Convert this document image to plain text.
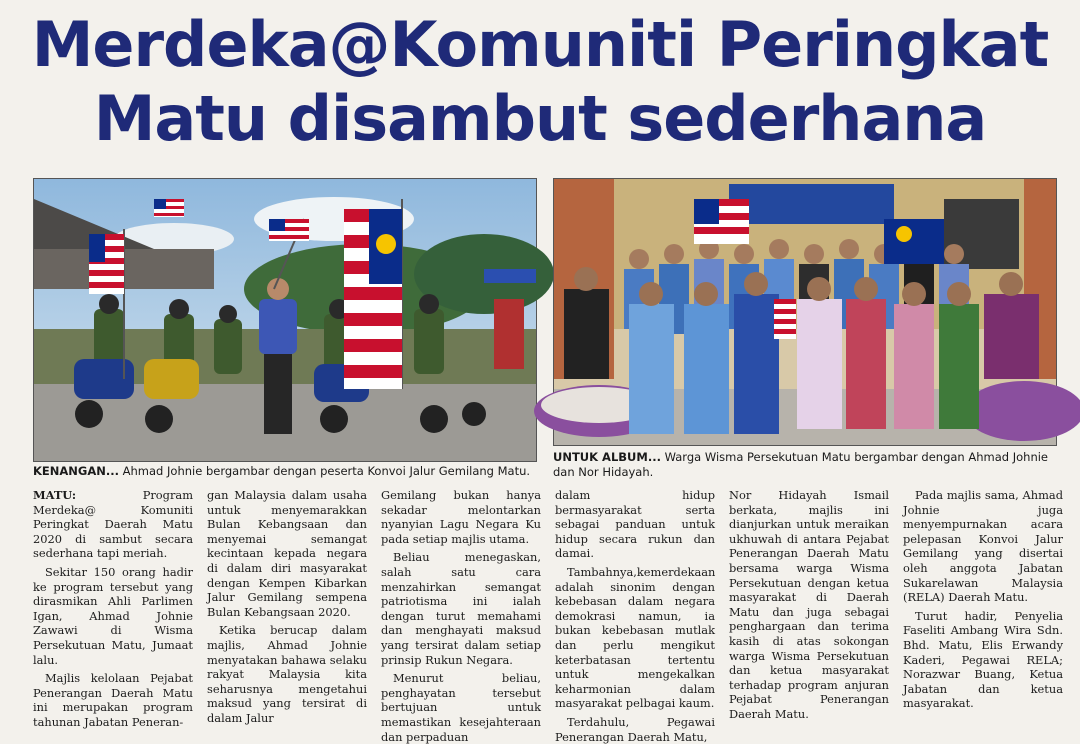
Merdeka@Komuniti Peringkat
Matu disambut sederhana
KENANGAN... Ahmad Johnie bergambar dengan peserta Konvoi Jalur Gemilang Matu.
UNTUK ALBUM... Warga Wisma Persekutuan Matu bergambar dengan Ahmad Johnie dan Nor Hidayah.

MATU: Program Merdeka@ Komuniti Peringkat Daerah Matu 2020 di sambut secara sederhana tapi meriah.

Sekitar 150 orang hadir ke program tersebut yang dirasmikan Ahli Parlimen Igan, Ahmad Johnie Zawawi di Wisma Persekutuan Matu, Jumaat lalu.

Majlis kelolaan Pejabat Penerangan Daerah Matu ini merupakan program tahunan Jabatan Peneran-

gan Malaysia dalam usaha untuk menyemarakkan Bulan Kebangsaan dan menyemai semangat kecintaan kepada negara di dalam diri masyarakat dengan Kempen Kibarkan Jalur Gemilang sempena Bulan Kebangsaan 2020.

Ketika berucap dalam majlis, Ahmad Johnie menyatakan bahawa selaku rakyat Malaysia kita seharusnya mengetahui maksud yang tersirat di dalam Jalur

Gemilang bukan hanya sekadar melontarkan nyanyian Lagu Negara Ku pada setiap majlis utama.

Beliau menegaskan, salah satu cara menzahirkan semangat patriotisma ini ialah dengan turut memahami dan menghayati maksud yang tersirat dalam setiap prinsip Rukun Negara.

Menurut beliau, penghayatan tersebut bertujuan untuk memastikan kesejahteraan dan perpaduan

dalam hidup bermasyarakat serta sebagai panduan untuk hidup secara rukun dan damai.

Tambahnya,kemerdekaan adalah sinonim dengan kebebasan dalam negara demokrasi namun, ia bukan kebebasan mutlak dan perlu mengikut keterbatasan tertentu untuk mengekalkan keharmonian dalam masyarakat pelbagai kaum.

Terdahulu, Pegawai Penerangan Daerah Matu,

Nor Hidayah Ismail berkata, majlis ini dianjurkan untuk meraikan ukhuwah di antara Pejabat Penerangan Daerah Matu bersama warga Wisma Persekutuan dengan ketua masyarakat di Daerah Matu dan juga sebagai penghargaan dan terima kasih di atas sokongan warga Wisma Persekutuan dan ketua masyarakat terhadap program anjuran Pejabat Penerangan Daerah Matu.

Pada majlis sama, Ahmad Johnie juga menyempurnakan acara pelepasan Konvoi Jalur Gemilang yang disertai oleh anggota Jabatan Sukarelawan Malaysia (RELA) Daerah Matu.

Turut hadir, Penyelia Faseliti Ambang Wira Sdn. Bhd. Matu, Elis Erwandy Kaderi, Pegawai RELA; Norazwar Buang, Ketua Jabatan dan ketua masyarakat.
